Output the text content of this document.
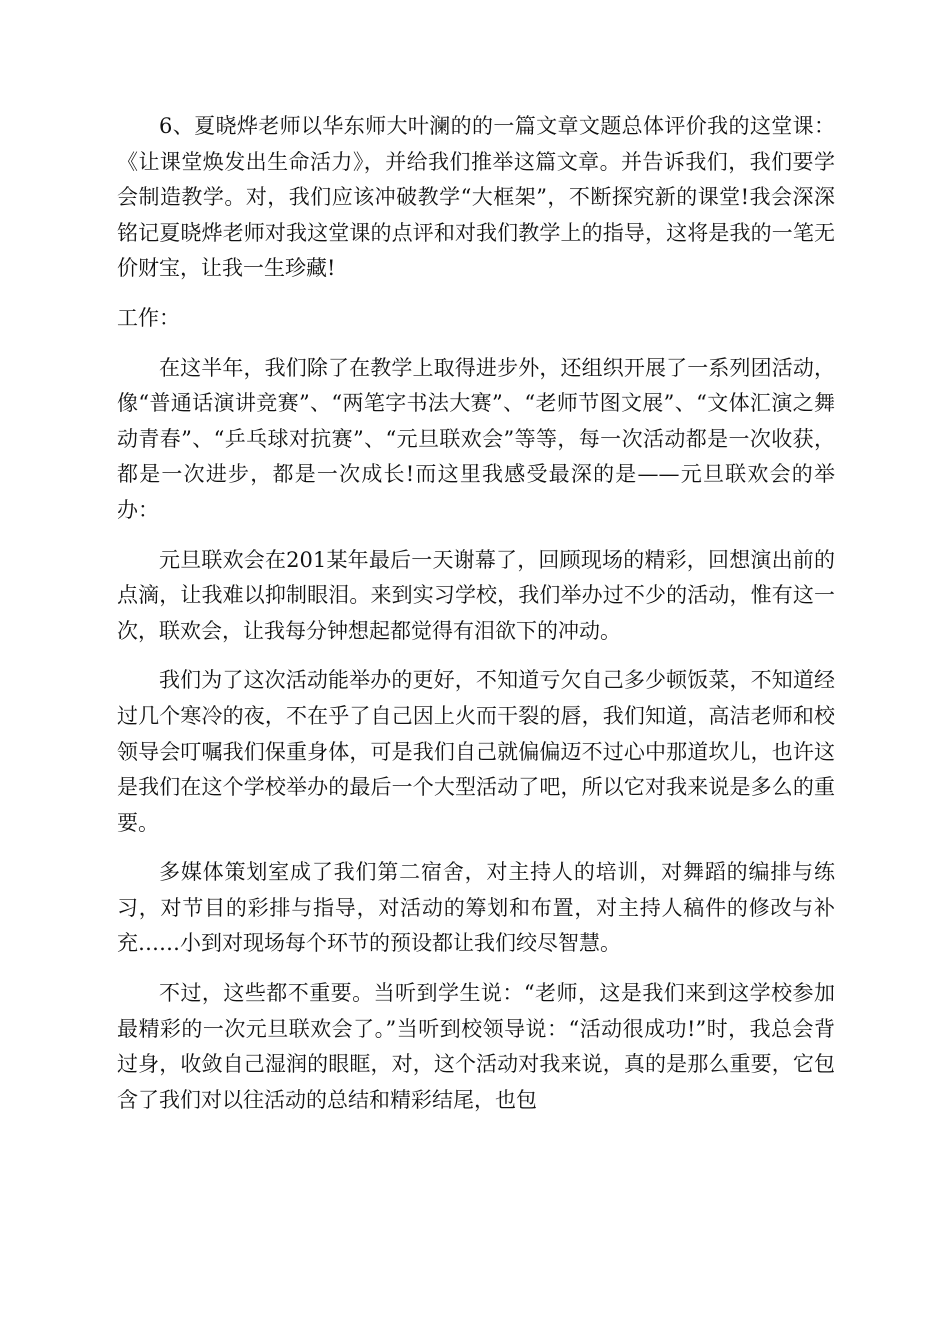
6、夏晓烨老师以华东师大叶澜的的一篇文章文题总体评价我的这堂课：《让课堂焕发出生命活力》，并给我们推举这篇文章。并告诉我们，我们要学会制造教学。对，我们应该冲破教学“大框架”，不断探究新的课堂!我会深深铭记夏晓烨老师对我这堂课的点评和对我们教学上的指导，这将是我的一笔无价财宝，让我一生珍藏!

工作：

在这半年，我们除了在教学上取得进步外，还组织开展了一系列团活动，像“普通话演讲竞赛”、“两笔字书法大赛”、“老师节图文展”、“文体汇演之舞动青春”、“乒乓球对抗赛”、“元旦联欢会”等等，每一次活动都是一次收获，都是一次进步，都是一次成长!而这里我感受最深的是——元旦联欢会的举办：

元旦联欢会在201某年最后一天谢幕了，回顾现场的精彩，回想演出前的点滴，让我难以抑制眼泪。来到实习学校，我们举办过不少的活动，惟有这一次，联欢会，让我每分钟想起都觉得有泪欲下的冲动。

我们为了这次活动能举办的更好，不知道亏欠自己多少顿饭菜，不知道经过几个寒冷的夜，不在乎了自己因上火而干裂的唇，我们知道，高洁老师和校领导会叮嘱我们保重身体，可是我们自己就偏偏迈不过心中那道坎儿，也许这是我们在这个学校举办的最后一个大型活动了吧，所以它对我来说是多么的重要。

多媒体策划室成了我们第二宿舍，对主持人的培训，对舞蹈的编排与练习，对节目的彩排与指导，对活动的筹划和布置，对主持人稿件的修改与补充……小到对现场每个环节的预设都让我们绞尽智慧。

不过，这些都不重要。当听到学生说：“老师，这是我们来到这学校参加最精彩的一次元旦联欢会了。”当听到校领导说：“活动很成功!”时，我总会背过身，收敛自己湿润的眼眶，对，这个活动对我来说，真的是那么重要，它包含了我们对以往活动的总结和精彩结尾，也包
